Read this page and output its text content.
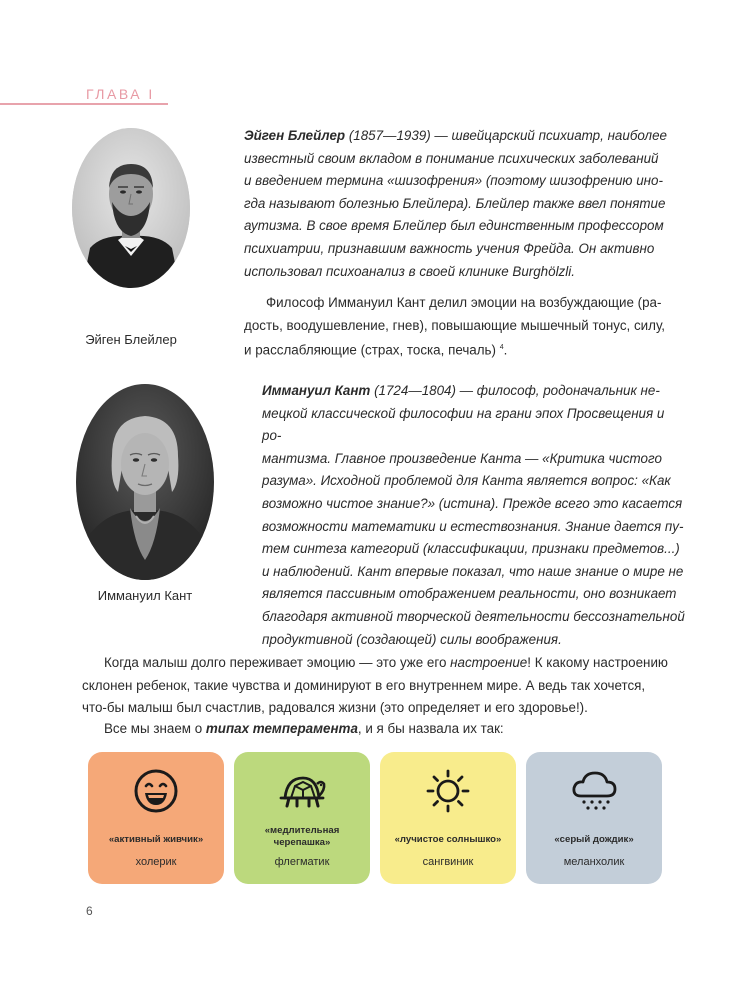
ГЛАВА I
Эйген Блейлер
Эйген Блейлер (1857—1939) — швейцарский психиатр, наиболее
известный своим вкладом в понимание психических заболеваний
и введением термина «шизофрения» (поэтому шизофрению ино-
гда называют болезнью Блейлера). Блейлер также ввел понятие
аутизма. В свое время Блейлер был единственным профессором
психиатрии, признавшим важность учения Фрейда. Он активно
использовал психоанализ в своей клинике Burghölzli.
Философ Иммануил Кант делил эмоции на возбуждающие (ра-
дость, воодушевление, гнев), повышающие мышечный тонус, силу,
и расслабляющие (страх, тоска, печаль) $^4$.
Иммануил Кант
Иммануил Кант (1724—1804) — философ, родоначальник не-
мецкой классической философии на грани эпох Просвещения и ро-
мантизма. Главное произведение Канта — «Критика чистого
разума». Исходной проблемой для Канта является вопрос: «Как
возможно чистое знание?» (истина). Прежде всего это касается
возможности математики и естествознания. Знание дается пу-
тем синтеза категорий (классификации, признаки предметов...)
и наблюдений. Кант впервые показал, что наше знание о мире не
является пассивным отображением реальности, оно возникает
благодаря активной творческой деятельности бессознательной
продуктивной (создающей) силы воображения.
Когда малыш долго переживает эмоцию — это уже его настроение! К какому настроению склонен ребенок, такие чувства и доминируют в его внутреннем мире. А ведь так хочется, что-бы малыш был счастлив, радовался жизни (это определяет и его здоровье!).
Все мы знаем о типах темперамента, и я бы назвала их так:
«активный живчик»
холерик
«медлительная черепашка»
флегматик
«лучистое солнышко»
сангвиник
«серый дождик»
меланхолик
6
